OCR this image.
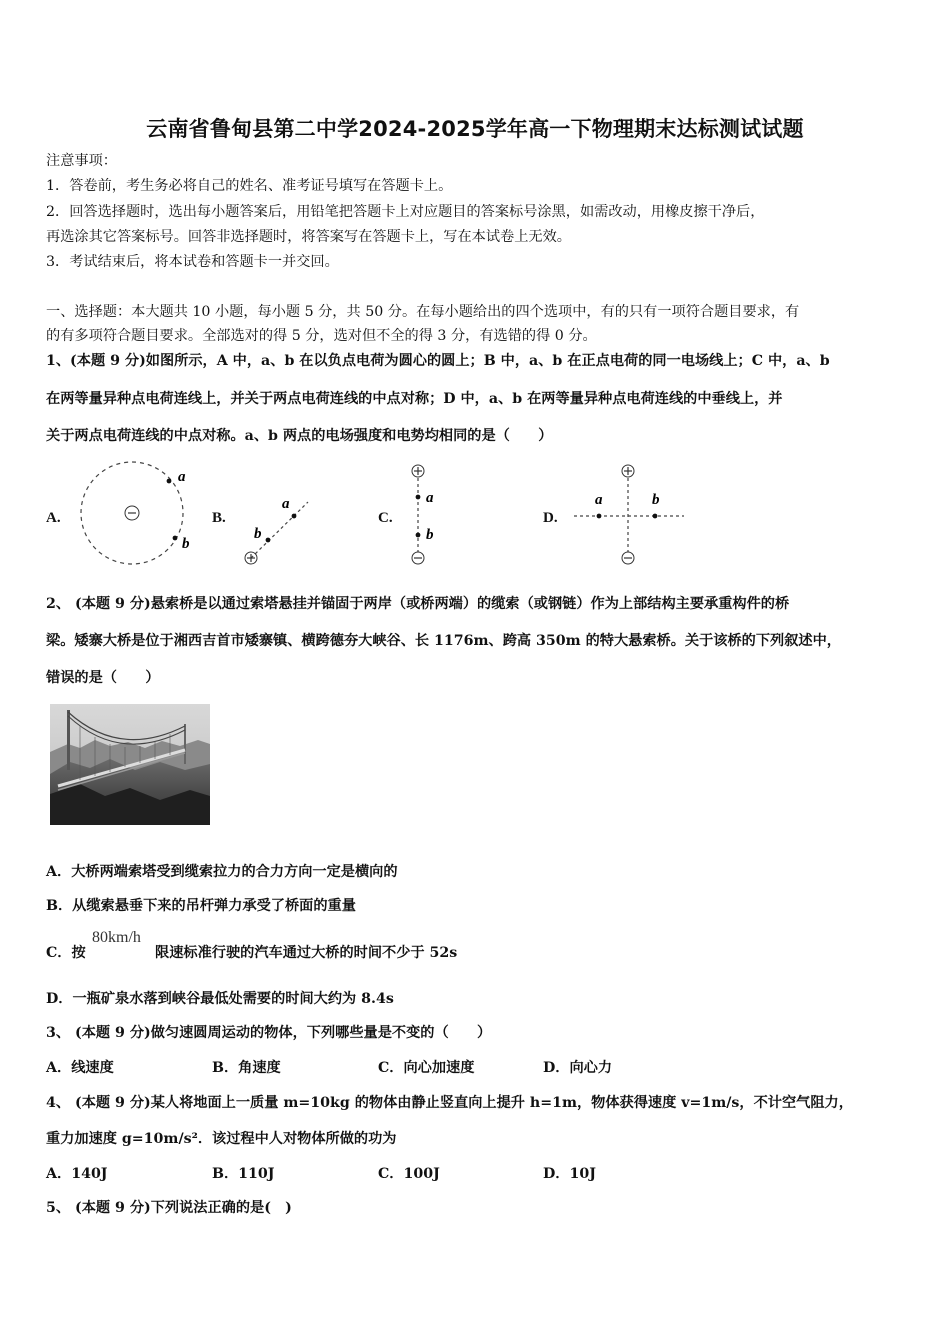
云南省鲁甸县第二中学2024-2025学年高一下物理期末达标测试试题
注意事项：
1．答卷前，考生务必将自己的姓名、准考证号填写在答题卡上。
2．回答选择题时，选出每小题答案后，用铅笔把答题卡上对应题目的答案标号涂黑，如需改动，用橡皮擦干净后，
再选涂其它答案标号。回答非选择题时，将答案写在答题卡上，写在本试卷上无效。
3．考试结束后，将本试卷和答题卡一并交回。
一、选择题：本大题共 10 小题，每小题 5 分，共 50 分。在每小题给出的四个选项中，有的只有一项符合题目要求，有
的有多项符合题目要求。全部选对的得 5 分，选对但不全的得 3 分，有选错的得 0 分。
1、(本题 9 分)如图所示，A 中，a、b 在以负点电荷为圆心的圆上；B 中，a、b 在正点电荷的同一电场线上；C 中，a、b
在两等量异种点电荷连线上，并关于两点电荷连线的中点对称；D 中，a、b 在两等量异种点电荷连线的中垂线上，并
关于两点电荷连线的中点对称。a、b 两点的电场强度和电势均相同的是（　　）
A.	B.	C.	D.
a
b
b
a	a
b
a	b
2、 (本题 9 分)悬索桥是以通过索塔悬挂并锚固于两岸（或桥两端）的缆索（或钢链）作为上部结构主要承重构件的桥
梁。矮寨大桥是位于湘西吉首市矮寨镇、横跨德夯大峡谷、长 1176m、跨高 350m 的特大悬索桥。关于该桥的下列叙述中，
错误的是（　　）
A．大桥两端索塔受到缆索拉力的合力方向一定是横向的
B．从缆索悬垂下来的吊杆弹力承受了桥面的重量
C．按
80km/h
限速标准行驶的汽车通过大桥的时间不少于 52s
D．一瓶矿泉水落到峡谷最低处需要的时间大约为 8.4s
3、 (本题 9 分)做匀速圆周运动的物体，下列哪些量是不变的（　　）
A．线速度	B．角速度	C．向心加速度	D．向心力
4、 (本题 9 分)某人将地面上一质量 m=10kg 的物体由静止竖直向上提升 h=1m，物体获得速度 v=1m/s，不计空气阻力，
重力加速度 g=10m/s²．该过程中人对物体所做的功为
A．140J	B．110J	C．100J	D．10J
5、 (本题 9 分)下列说法正确的是(　)
